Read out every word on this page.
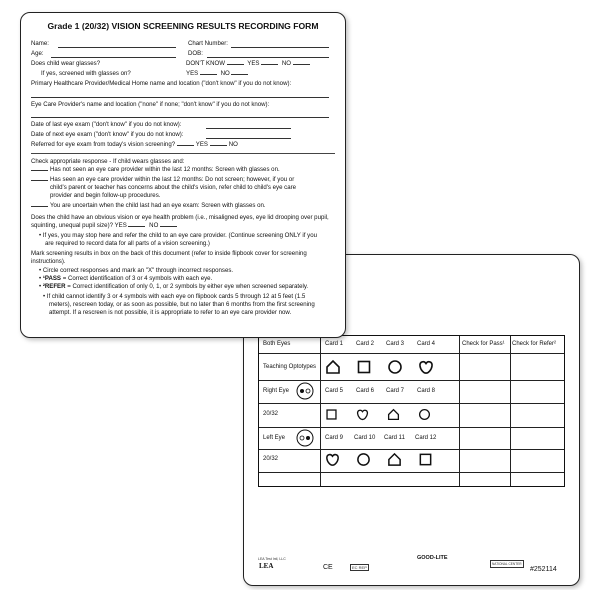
Grade 1 (20/32) VISION SCREENING RESULTS RECORDING FORM
Name:	Chart Number:
Age:	DOB:
Does child wear glasses?	DON'T KNOW	YES	NO
If yes, screened with glasses on?	YES	NO
Primary Healthcare Provider/Medical Home name and location ("don't know" if you do not know):
Eye Care Provider's name and location ("none" if none; "don't know" if you do not know):
Date of last eye exam ("don't know" if you do not know):
Date of next eye exam ("don't know" if you do not know):
Referred for eye exam from today's vision screening?	YES	NO
Check appropriate response - If child wears glasses and:
Has not seen an eye care provider within the last 12 months: Screen with glasses on.
Has seen an eye care provider within the last 12 months: Do not screen; however, if you or
child's parent or teacher has concerns about the child's vision, refer child to child's eye care
provider and begin follow-up procedures.
You are uncertain when the child last had an eye exam: Screen with glasses on.
Does the child have an obvious vision or eye health problem (i.e., misaligned eyes, eye lid drooping over pupil,
squinting, unequal pupil size)? YES	NO
• If yes, you may stop here and refer the child to an eye care provider. (Continue screening ONLY if you
are required to record data for all parts of a vision screening.)
Mark screening results in box on the back of this document (refer to inside flipbook cover for screening
instructions).
• Circle correct responses and mark an "X" through incorrect responses.
• ¹PASS = Correct identification of 3 or 4 symbols with each eye.
• ²REFER = Correct identification of only 0, 1, or 2 symbols by either eye when screened separately.
• If child cannot identify 3 or 4 symbols with each eye on flipbook cards 5 through 12 at 5 feet (1.5
meters), rescreen today, or as soon as possible, but no later than 6 months from the first screening
attempt. If a rescreen is not possible, it is appropriate to refer to an eye care provider now.
Both Eyes	Card 1 Card 2 Card 3 Card 4	Check for Pass¹ Check for Refer²
Teaching Optotypes
Right Eye	Card 5 Card 6 Card 7 Card 8
20/32
Left Eye	Card 9 Card 10 Card 11 Card 12
20/32
LEA Test Intl, LLC
LEA	CE	EC REP
GOOD-LITE
NATIONAL CENTER
#252114
